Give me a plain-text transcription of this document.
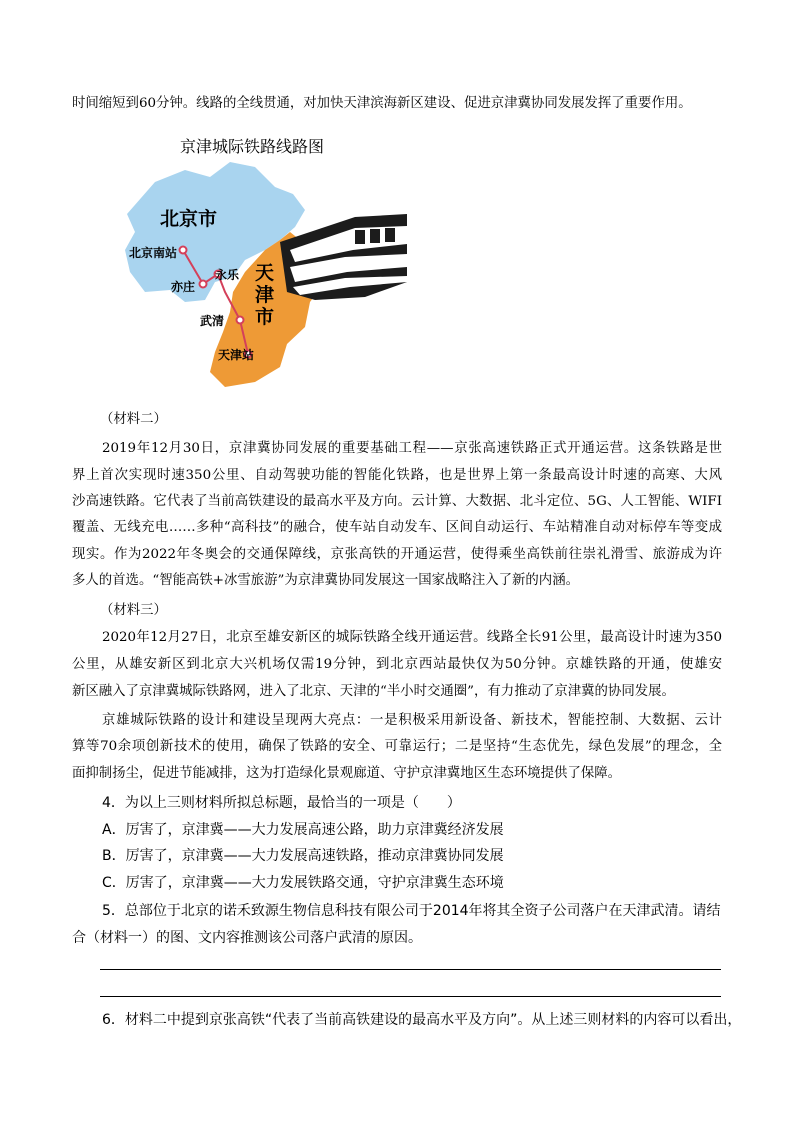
时间缩短到60分钟。线路的全线贯通，对加快天津滨海新区建设、促进京津冀协同发展发挥了重要作用。
京津城际铁路线路图
北京市
天
津
市
北京南站
亦庄
永乐
武清
天津站
（材料二）
2019年12月30日，京津冀协同发展的重要基础工程——京张高速铁路正式开通运营。这条铁路是世
界上首次实现时速350公里、自动驾驶功能的智能化铁路，也是世界上第一条最高设计时速的高寒、大风
沙高速铁路。它代表了当前高铁建设的最高水平及方向。云计算、大数据、北斗定位、5G、人工智能、WIFI
覆盖、无线充电……多种“高科技”的融合，使车站自动发车、区间自动运行、车站精准自动对标停车等变成
现实。作为2022年冬奥会的交通保障线，京张高铁的开通运营，使得乘坐高铁前往崇礼滑雪、旅游成为许
多人的首选。“智能高铁+冰雪旅游”为京津冀协同发展这一国家战略注入了新的内涵。
（材料三）
2020年12月27日，北京至雄安新区的城际铁路全线开通运营。线路全长91公里，最高设计时速为350
公里，从雄安新区到北京大兴机场仅需19分钟，到北京西站最快仅为50分钟。京雄铁路的开通，使雄安
新区融入了京津冀城际铁路网，进入了北京、天津的“半小时交通圈”，有力推动了京津冀的协同发展。
京雄城际铁路的设计和建设呈现两大亮点：一是积极采用新设备、新技术，智能控制、大数据、云计
算等70余项创新技术的使用，确保了铁路的安全、可靠运行；二是坚持“生态优先，绿色发展”的理念，全
面抑制扬尘，促进节能减排，这为打造绿化景观廊道、守护京津冀地区生态环境提供了保障。
4．为以上三则材料所拟总标题，最恰当的一项是（　　）
A．厉害了，京津冀——大力发展高速公路，助力京津冀经济发展
B．厉害了，京津冀——大力发展高速铁路，推动京津冀协同发展
C．厉害了，京津冀——大力发展铁路交通，守护京津冀生态环境
5．总部位于北京的诺禾致源生物信息科技有限公司于2014年将其全资子公司落户在天津武清。请结
合（材料一）的图、文内容推测该公司落户武清的原因。
6．材料二中提到京张高铁“代表了当前高铁建设的最高水平及方向”。从上述三则材料的内容可以看出，
